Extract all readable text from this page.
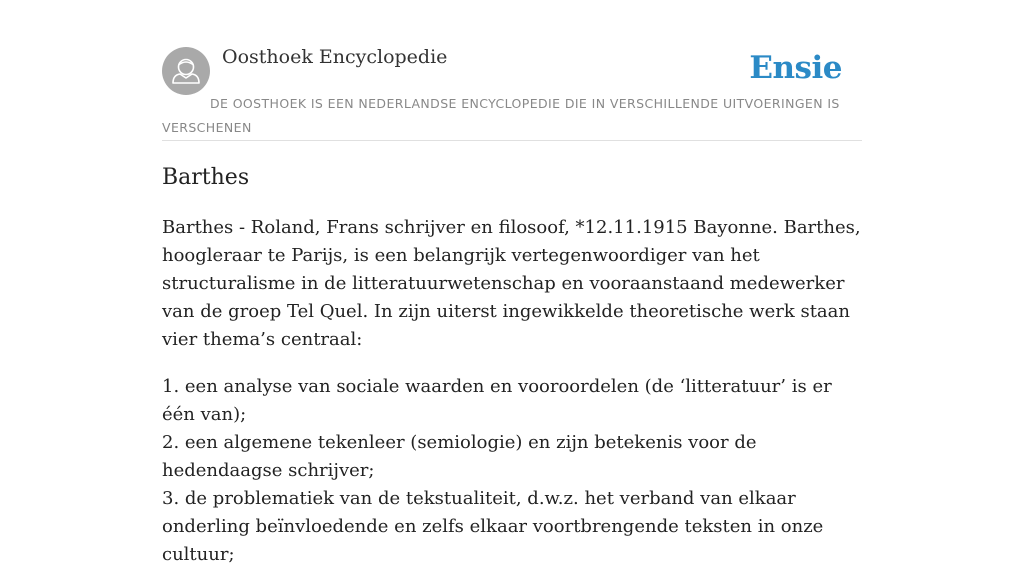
Oosthoek Encyclopedie	Ensie
DE OOSTHOEK IS EEN NEDERLANDSE ENCYCLOPEDIE DIE IN VERSCHILLENDE UITVOERINGEN IS VERSCHENEN
Barthes

Barthes - Roland, Frans schrijver en filosoof, *12.11.1915 Bayonne. Barthes, hoogleraar te Parijs, is een belangrijk vertegenwoordiger van het structuralisme in de litteratuurwetenschap en vooraanstaand medewerker van de groep Tel Quel. In zijn uiterst ingewikkelde theoretische werk staan vier thema’s centraal:

1. een analyse van sociale waarden en vooroordelen (de ‘litteratuur’ is er één van);
2. een algemene tekenleer (semiologie) en zijn betekenis voor de hedendaagse schrijver;
3. de problematiek van de tekstualiteit, d.w.z. het verband van elkaar onderling beïnvloedende en zelfs elkaar voortbrengende teksten in onze cultuur;
